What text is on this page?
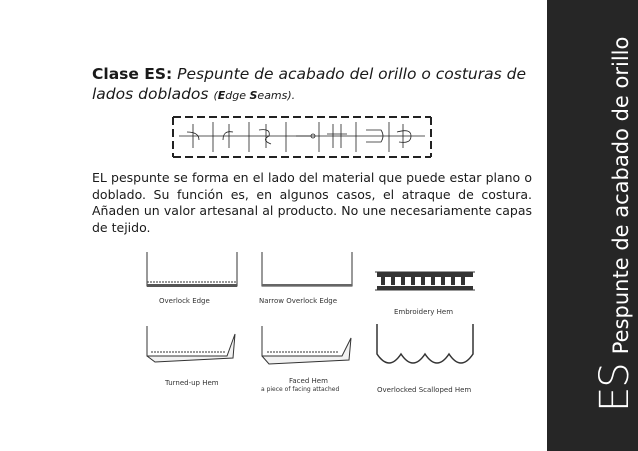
Clase ES: Pespunte de acabado del orillo o costuras de lados doblados (Edge Seams).
EL pespunte se forma en el lado del material que puede estar plano o doblado. Su función es, en algunos casos, el atraque de costura. Añaden un valor artesanal al producto. No une necesariamente capas de tejido.
Overlock Edge	Narrow Overlock Edge
Embroidery Hem
Turned-up Hem	Faced Hem
a piece of facing attached	Overlocked Scalloped Hem	ES Pespunte de acabado de orillo
